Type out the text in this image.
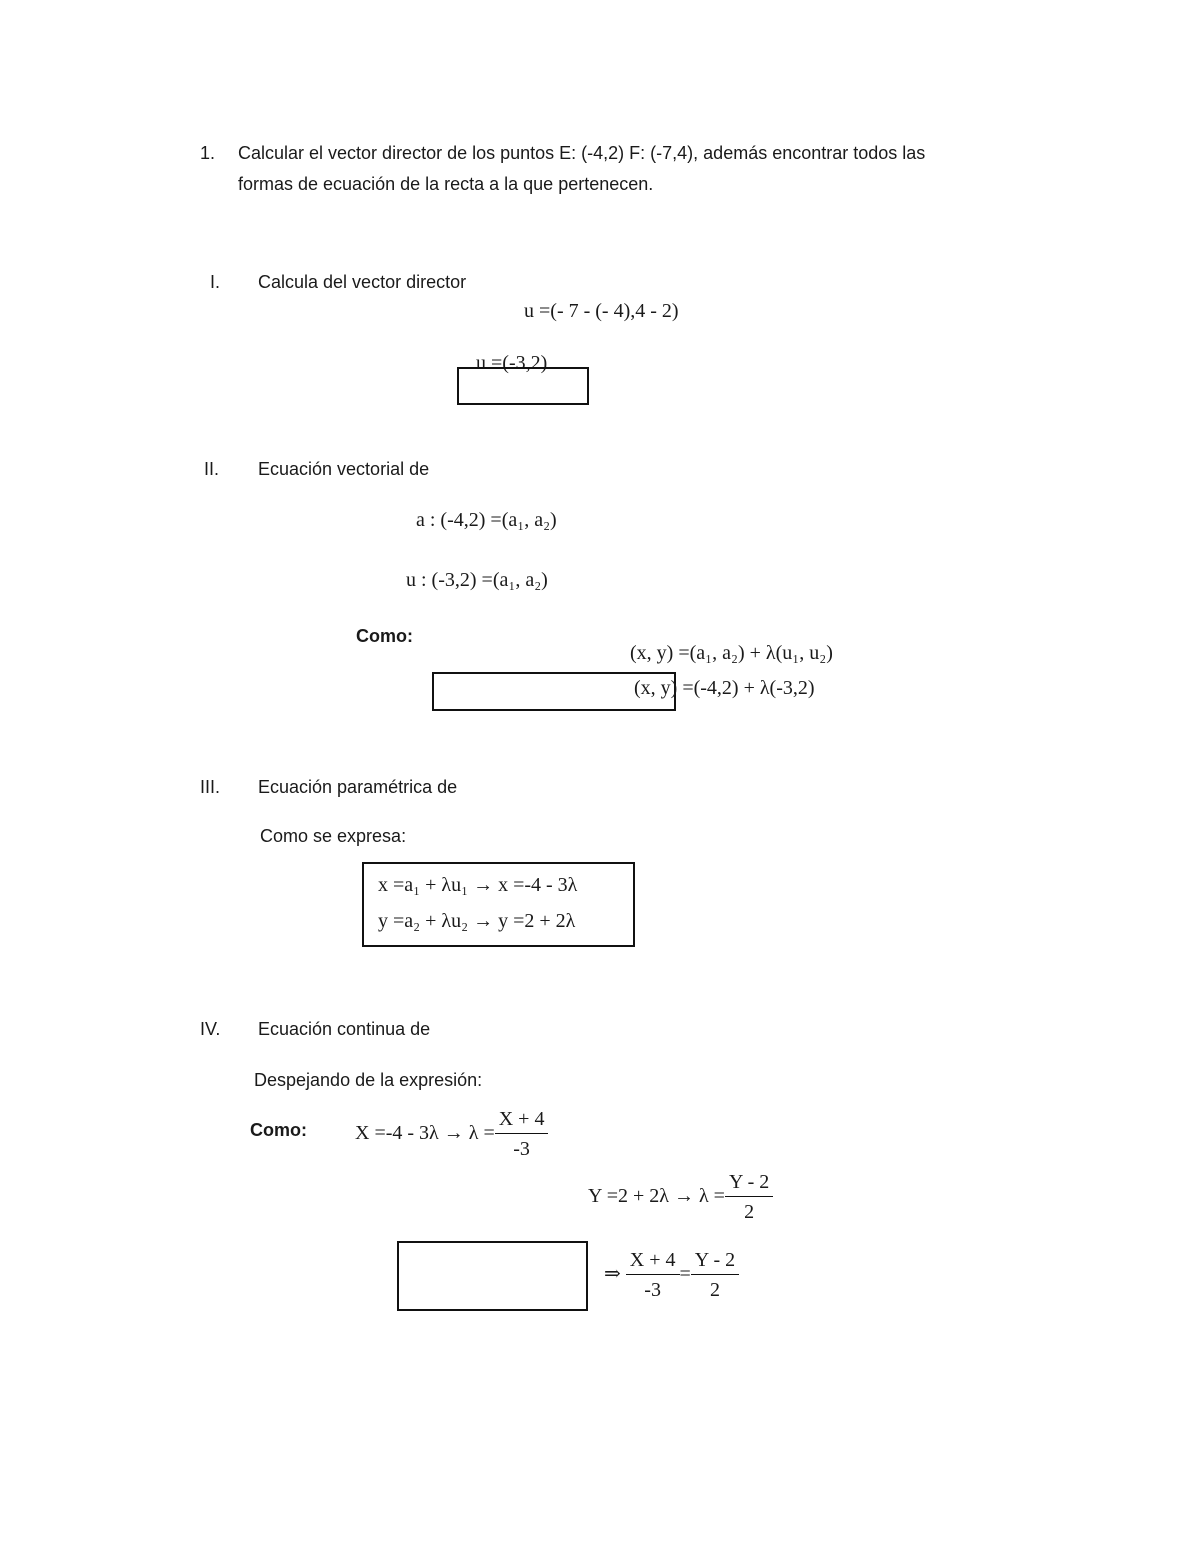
1. Calcular el vector director de los puntos E: (-4,2) F: (-7,4), además encontrar todos las
formas de ecuación de la recta a la que pertenecen.
I. Calcula del vector director
u =(- 7 - (- 4),4 - 2)
u =(-3,2)
II. Ecuación vectorial de
a : (-4,2) =(a₁, a₂)
u : (-3,2) =(a₁, a₂)
Como:
(x, y) =(a₁, a₂) + λ(u₁, u₂)
(x, y) =(-4,2) + λ(-3,2)
III. Ecuación paramétrica de
Como se expresa:
x =a₁ + λu₁ → x =-4 - 3λ
y =a₂ + λu₂ → y =2 + 2λ
IV. Ecuación continua de
Despejando de la expresión:
Como: $X =-4 - 3\lambda \to \lambda = \frac{X + 4}{-3}$
$Y =2 + 2\lambda \to \lambda = \frac{Y - 2}{2}$
⇒ $\frac{X + 4}{-3} = \frac{Y - 2}{2}$
